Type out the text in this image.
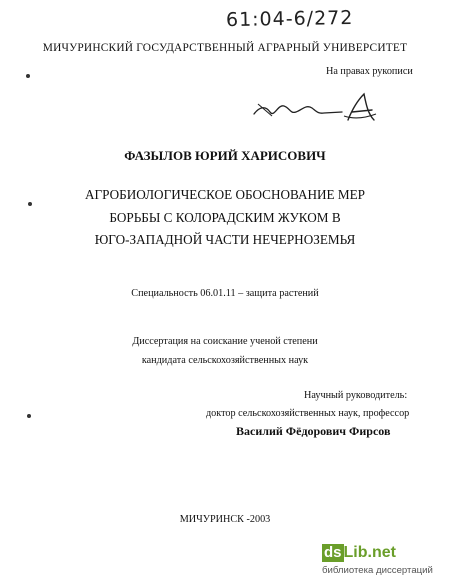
61:04-6/272
МИЧУРИНСКИЙ ГОСУДАРСТВЕННЫЙ АГРАРНЫЙ УНИВЕРСИТЕТ
На правах рукописи
ФАЗЫЛОВ ЮРИЙ ХАРИСОВИЧ
АГРОБИОЛОГИЧЕСКОЕ ОБОСНОВАНИЕ МЕР
БОРЬБЫ С КОЛОРАДСКИМ ЖУКОМ В
ЮГО-ЗАПАДНОЙ ЧАСТИ НЕЧЕРНОЗЕМЬЯ
Специальность 06.01.11 – защита растений
Диссертация на соискание ученой степени
кандидата сельскохозяйственных наук
Научный руководитель:
доктор сельскохозяйственных наук, профессор
Василий Фёдорович Фирсов
МИЧУРИНСК -2003
ds Lib.net
библиотека диссертаций
